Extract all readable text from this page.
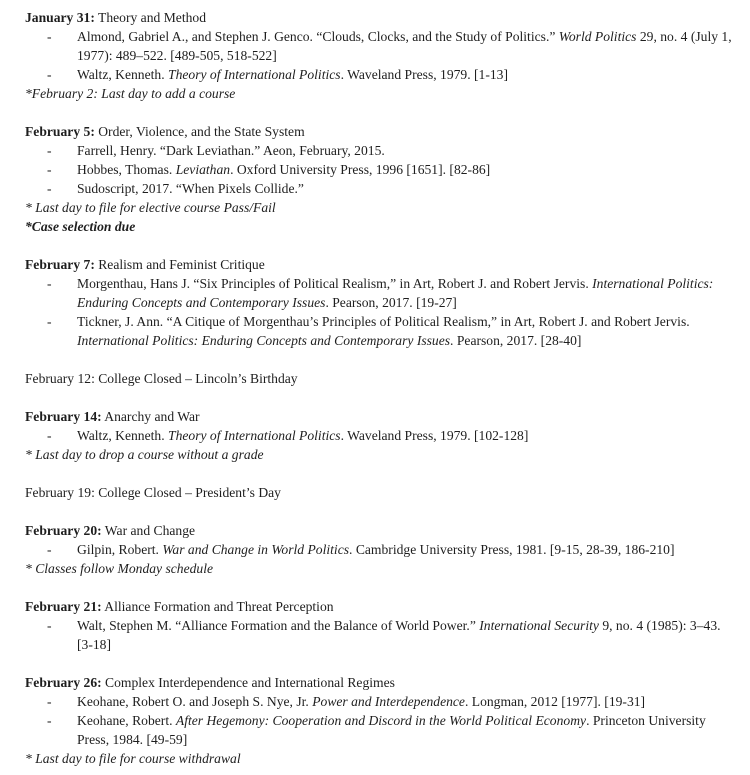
January 31: Theory and Method
- Almond, Gabriel A., and Stephen J. Genco. “Clouds, Clocks, and the Study of Politics.” World Politics 29, no. 4 (July 1, 1977): 489–522. [489-505, 518-522]
- Waltz, Kenneth. Theory of International Politics. Waveland Press, 1979. [1-13]
*February 2: Last day to add a course
February 5: Order, Violence, and the State System
- Farrell, Henry. “Dark Leviathan.” Aeon, February, 2015.
- Hobbes, Thomas. Leviathan. Oxford University Press, 1996 [1651]. [82-86]
- Sudoscript, 2017. “When Pixels Collide.”
* Last day to file for elective course Pass/Fail
*Case selection due
February 7: Realism and Feminist Critique
- Morgenthau, Hans J. “Six Principles of Political Realism,” in Art, Robert J. and Robert Jervis. International Politics: Enduring Concepts and Contemporary Issues. Pearson, 2017. [19-27]
- Tickner, J. Ann. “A Citique of Morgenthau’s Principles of Political Realism,” in Art, Robert J. and Robert Jervis. International Politics: Enduring Concepts and Contemporary Issues. Pearson, 2017. [28-40]
February 12: College Closed – Lincoln’s Birthday
February 14: Anarchy and War
- Waltz, Kenneth. Theory of International Politics. Waveland Press, 1979. [102-128]
* Last day to drop a course without a grade
February 19: College Closed – President’s Day
February 20: War and Change
- Gilpin, Robert. War and Change in World Politics. Cambridge University Press, 1981. [9-15, 28-39, 186-210]
* Classes follow Monday schedule
February 21: Alliance Formation and Threat Perception
- Walt, Stephen M. “Alliance Formation and the Balance of World Power.” International Security 9, no. 4 (1985): 3–43. [3-18]
February 26: Complex Interdependence and International Regimes
- Keohane, Robert O. and Joseph S. Nye, Jr. Power and Interdependence. Longman, 2012 [1977]. [19-31]
- Keohane, Robert. After Hegemony: Cooperation and Discord in the World Political Economy. Princeton University Press, 1984. [49-59]
* Last day to file for course withdrawal
